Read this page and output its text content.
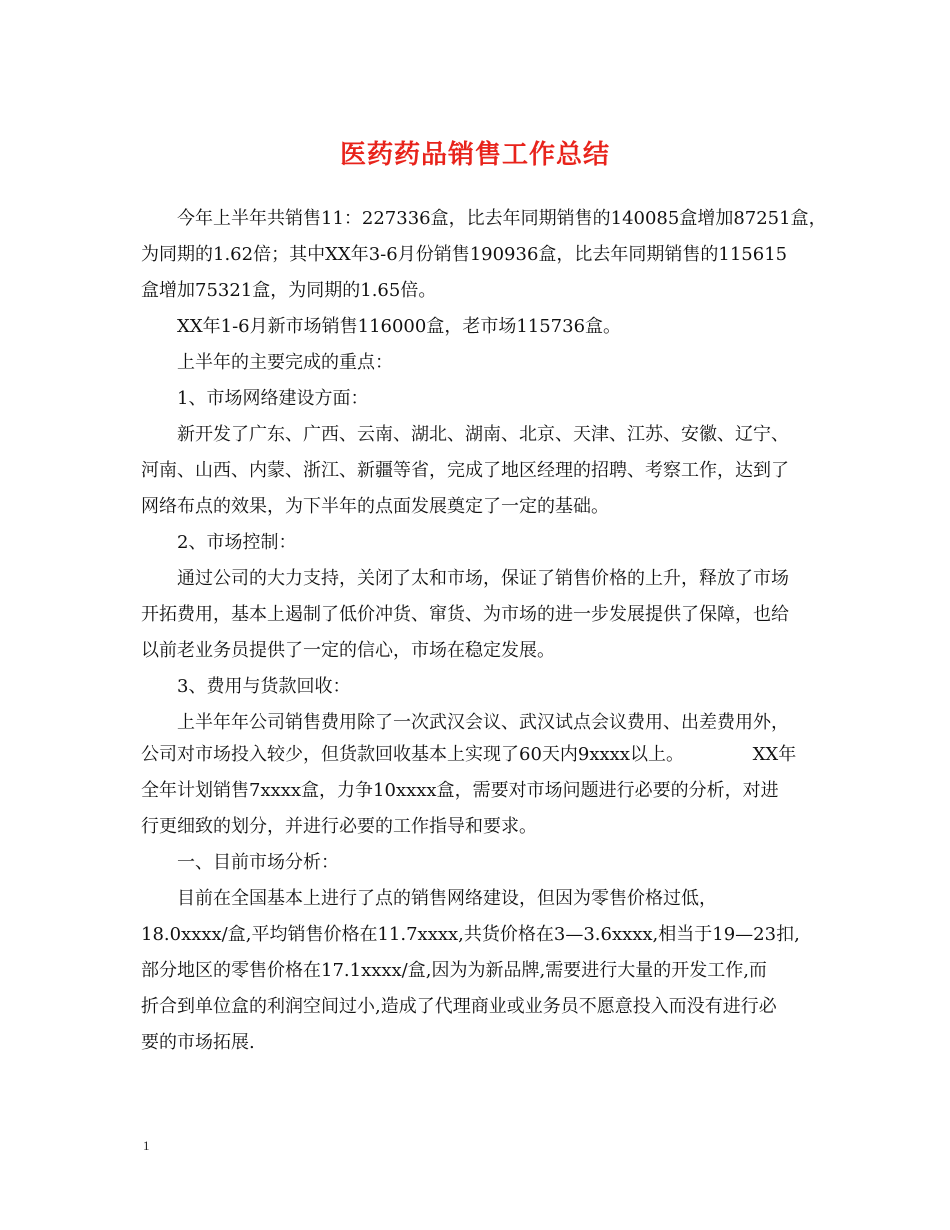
医药药品销售工作总结
今年上半年共销售11：227336盒，比去年同期销售的140085盒增加87251盒，
为同期的1.62倍；其中XX年3-6月份销售190936盒，比去年同期销售的115615
盒增加75321盒，为同期的1.65倍。
XX年1-6月新市场销售116000盒，老市场115736盒。
上半年的主要完成的重点：
1、市场网络建设方面：
新开发了广东、广西、云南、湖北、湖南、北京、天津、江苏、安徽、辽宁、
河南、山西、内蒙、浙江、新疆等省，完成了地区经理的招聘、考察工作，达到了
网络布点的效果，为下半年的点面发展奠定了一定的基础。
2、市场控制：
通过公司的大力支持，关闭了太和市场，保证了销售价格的上升，释放了市场
开拓费用，基本上遏制了低价冲货、窜货、为市场的进一步发展提供了保障，也给
以前老业务员提供了一定的信心，市场在稳定发展。
3、费用与货款回收：
上半年年公司销售费用除了一次武汉会议、武汉试点会议费用、出差费用外，
公司对市场投入较少，但货款回收基本上实现了60天内9xxxx以上。            XX年
全年计划销售7xxxx盒，力争10xxxx盒，需要对市场问题进行必要的分析，对进
行更细致的划分，并进行必要的工作指导和要求。
一、目前市场分析：
目前在全国基本上进行了点的销售网络建设，但因为零售价格过低，
18.0xxxx/盒,平均销售价格在11.7xxxx,共货价格在3—3.6xxxx,相当于19—23扣,
部分地区的零售价格在17.1xxxx/盒,因为为新品牌,需要进行大量的开发工作,而
折合到单位盒的利润空间过小,造成了代理商业或业务员不愿意投入而没有进行必
要的市场拓展.
1
